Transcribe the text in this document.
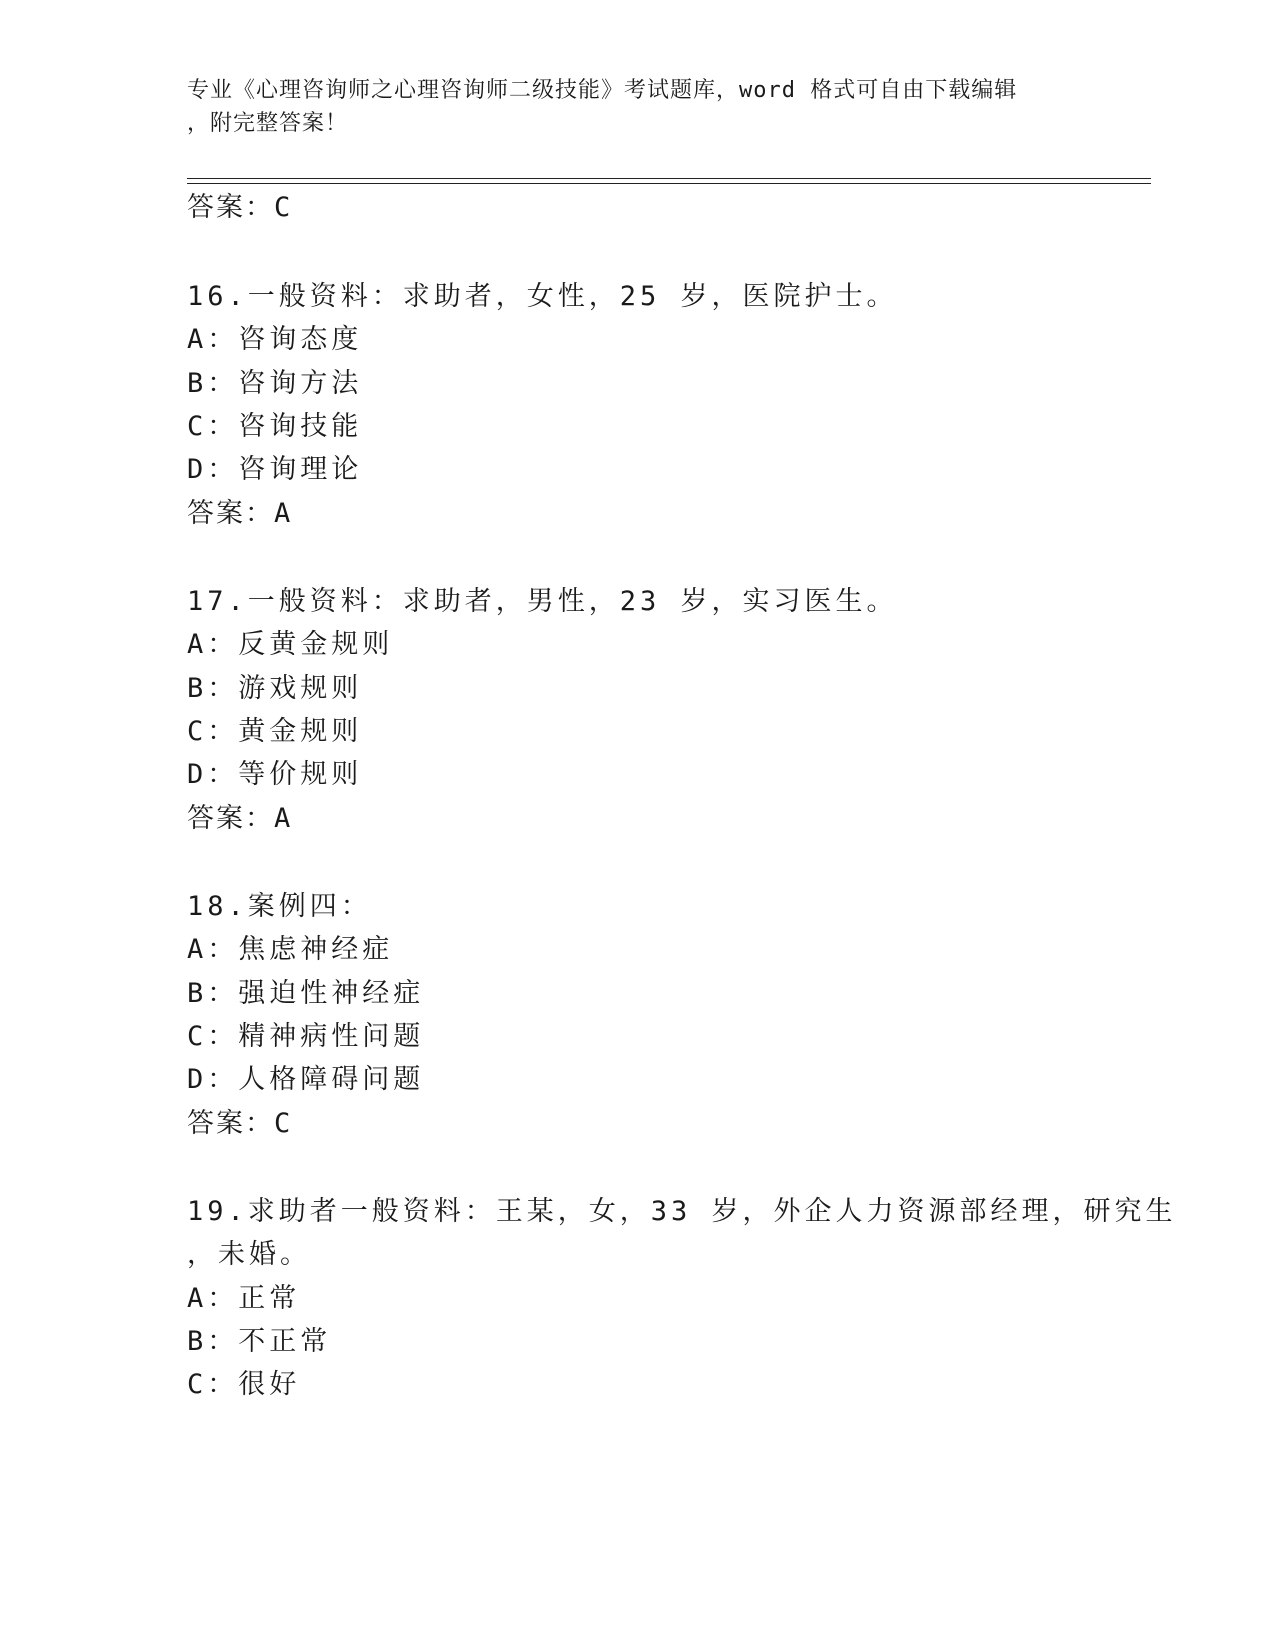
专业《心理咨询师之心理咨询师二级技能》考试题库，word 格式可自由下载编辑
，附完整答案！
答案：C
16.一般资料：求助者，女性，25 岁，医院护士。
A：咨询态度
B：咨询方法
C：咨询技能
D：咨询理论
答案：A
17.一般资料：求助者，男性，23 岁，实习医生。
A：反黄金规则
B：游戏规则
C：黄金规则
D：等价规则
答案：A
18.案例四：
A：焦虑神经症
B：强迫性神经症
C：精神病性问题
D：人格障碍问题
答案：C
19.求助者一般资料：王某，女，33 岁，外企人力资源部经理，研究生
，未婚。
A：正常
B：不正常
C：很好
